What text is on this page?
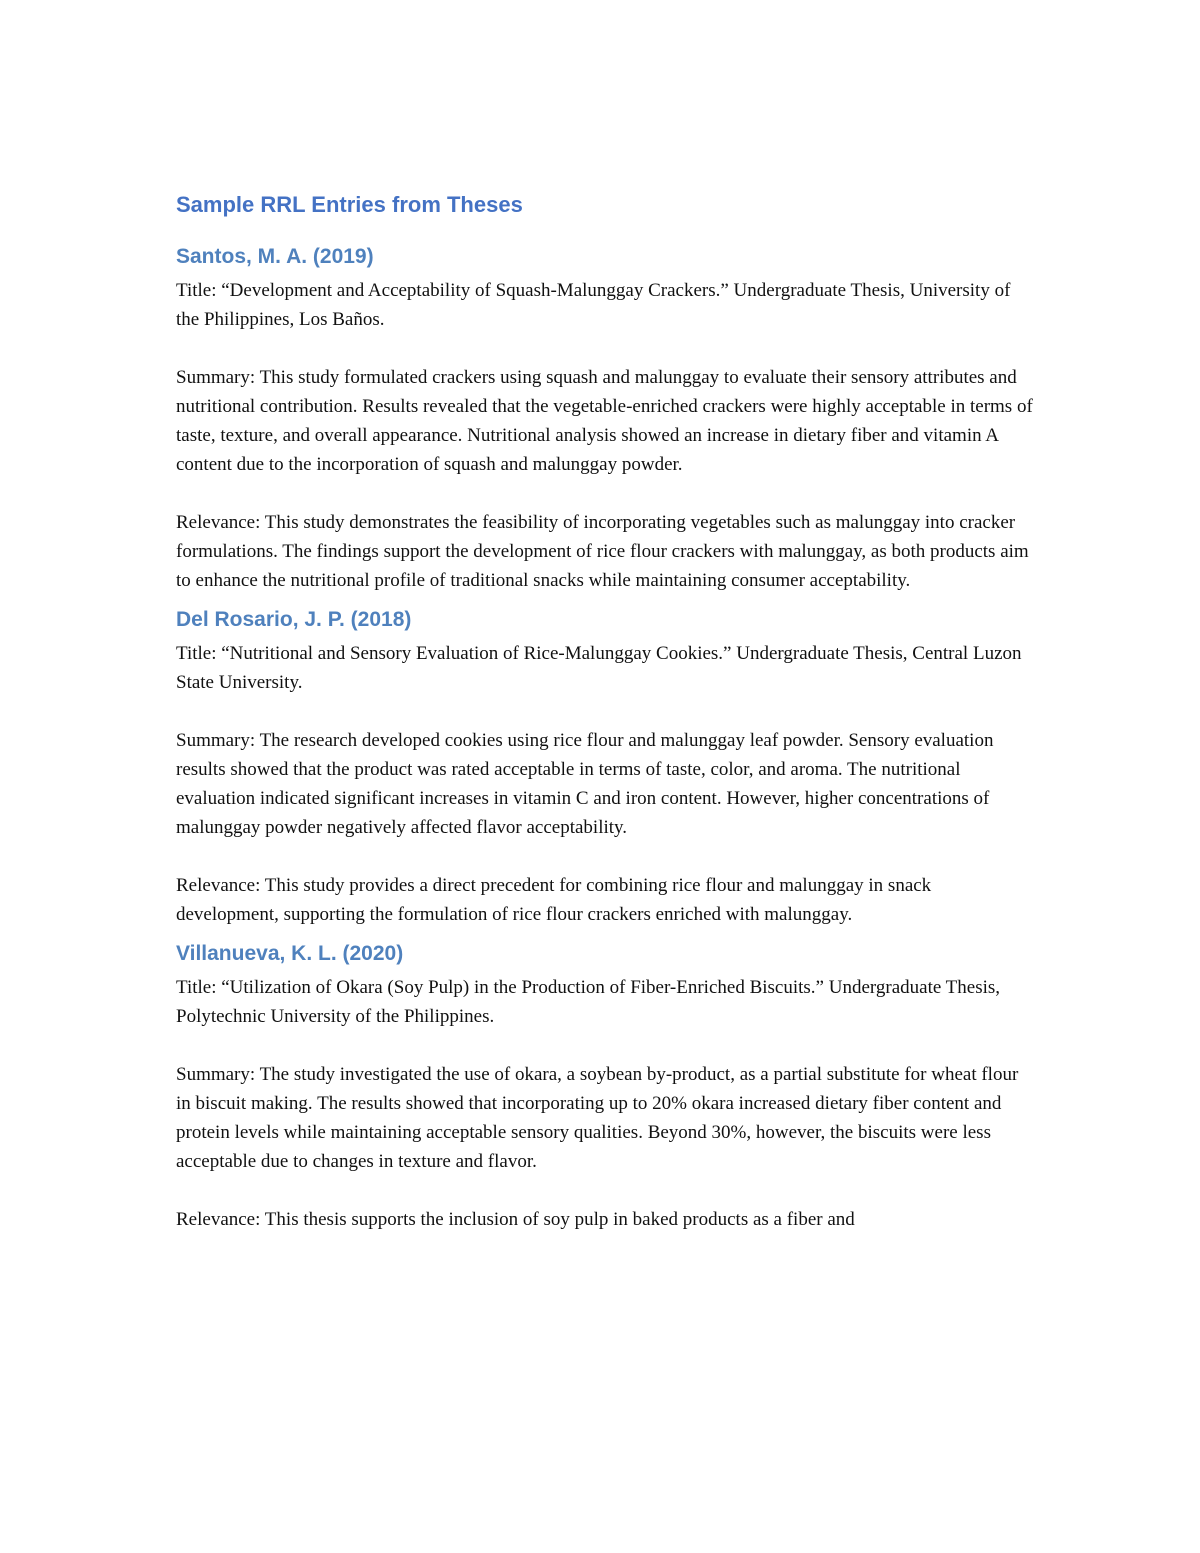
Sample RRL Entries from Theses
Santos, M. A. (2019)

Title: “Development and Acceptability of Squash-Malunggay Crackers.” Undergraduate Thesis, University of the Philippines, Los Baños.

Summary: This study formulated crackers using squash and malunggay to evaluate their sensory attributes and nutritional contribution. Results revealed that the vegetable-enriched crackers were highly acceptable in terms of taste, texture, and overall appearance. Nutritional analysis showed an increase in dietary fiber and vitamin A content due to the incorporation of squash and malunggay powder.

Relevance: This study demonstrates the feasibility of incorporating vegetables such as malunggay into cracker formulations. The findings support the development of rice flour crackers with malunggay, as both products aim to enhance the nutritional profile of traditional snacks while maintaining consumer acceptability.

Del Rosario, J. P. (2018)

Title: “Nutritional and Sensory Evaluation of Rice-Malunggay Cookies.” Undergraduate Thesis, Central Luzon State University.

Summary: The research developed cookies using rice flour and malunggay leaf powder. Sensory evaluation results showed that the product was rated acceptable in terms of taste, color, and aroma. The nutritional evaluation indicated significant increases in vitamin C and iron content. However, higher concentrations of malunggay powder negatively affected flavor acceptability.

Relevance: This study provides a direct precedent for combining rice flour and malunggay in snack development, supporting the formulation of rice flour crackers enriched with malunggay.

Villanueva, K. L. (2020)

Title: “Utilization of Okara (Soy Pulp) in the Production of Fiber-Enriched Biscuits.” Undergraduate Thesis, Polytechnic University of the Philippines.

Summary: The study investigated the use of okara, a soybean by-product, as a partial substitute for wheat flour in biscuit making. The results showed that incorporating up to 20% okara increased dietary fiber content and protein levels while maintaining acceptable sensory qualities. Beyond 30%, however, the biscuits were less acceptable due to changes in texture and flavor.

Relevance: This thesis supports the inclusion of soy pulp in baked products as a fiber and
